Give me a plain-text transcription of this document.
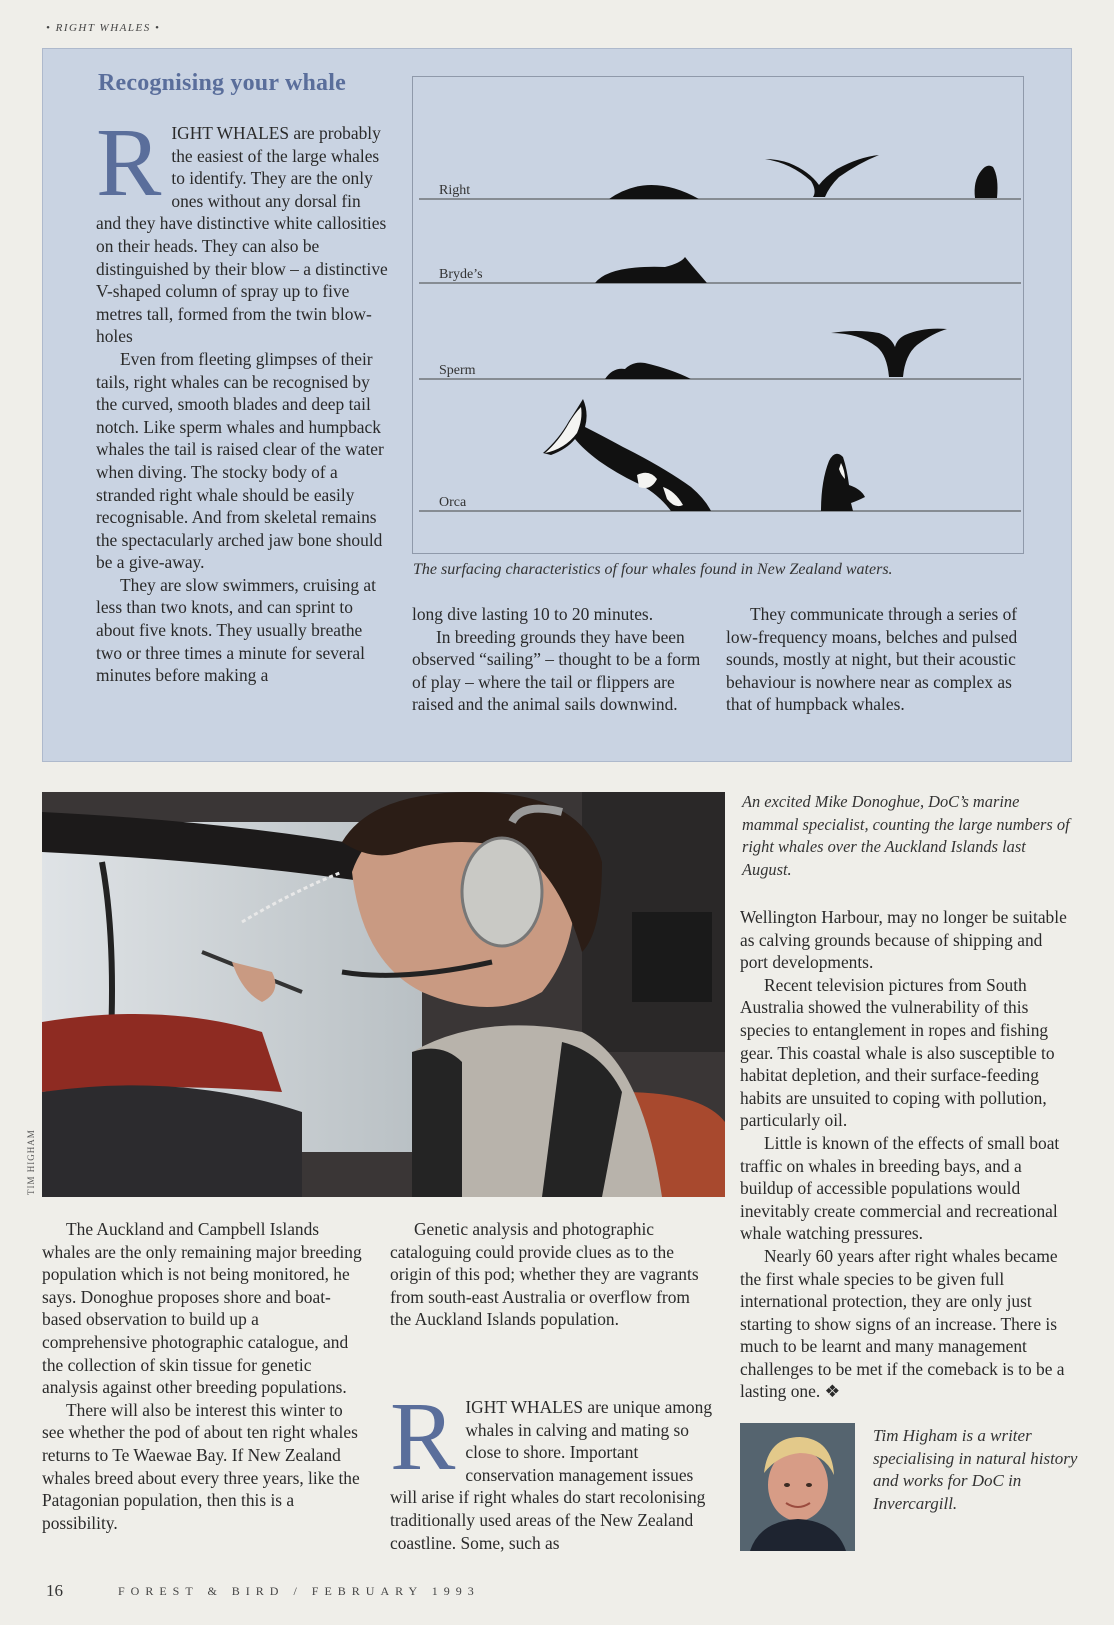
• RIGHT WHALES •
Recognising your whale

RIGHT WHALES are probably the easiest of the large whales to identify. They are the only ones without any dorsal fin and they have distinctive white callosities on their heads. They can also be distinguished by their blow – a distinctive V-shaped column of spray up to five metres tall, formed from the twin blow-holes

Even from fleeting glimpses of their tails, right whales can be recognised by the curved, smooth blades and deep tail notch. Like sperm whales and humpback whales the tail is raised clear of the water when diving. The stocky body of a stranded right whale should be easily recognisable. And from skeletal remains the spectacularly arched jaw bone should be a give-away.

They are slow swimmers, cruising at less than two knots, and can sprint to about five knots. They usually breathe two or three times a minute for several minutes before making a

long dive lasting 10 to 20 minutes.

In breeding grounds they have been observed “sailing” – thought to be a form of play – where the tail or flippers are raised and the animal sails downwind.

They communicate through a series of low-frequency moans, belches and pulsed sounds, mostly at night, but their acoustic behaviour is nowhere near as complex as that of humpback whales.

Right
Bryde’s
Sperm
Orca
The surfacing characteristics of four whales found in New Zealand waters.
TIM HIGHAM
An excited Mike Donoghue, DoC’s marine mammal specialist, counting the large numbers of right whales over the Auckland Islands last August.

The Auckland and Campbell Islands whales are the only remaining major breeding population which is not being monitored, he says. Donoghue proposes shore and boat-based observation to build up a comprehensive photographic catalogue, and the collection of skin tissue for genetic analysis against other breeding populations.

There will also be interest this winter to see whether the pod of about ten right whales returns to Te Waewae Bay. If New Zealand whales breed about every three years, like the Patagonian population, then this is a possibility.

Genetic analysis and photographic cataloguing could provide clues as to the origin of this pod; whether they are vagrants from south-east Australia or overflow from the Auckland Islands population.

RIGHT WHALES are unique among whales in calving and mating so close to shore. Important conservation management issues will arise if right whales do start recolonising traditionally used areas of the New Zealand coastline. Some, such as

Wellington Harbour, may no longer be suitable as calving grounds because of shipping and port developments.

Recent television pictures from South Australia showed the vulnerability of this species to entanglement in ropes and fishing gear. This coastal whale is also susceptible to habitat depletion, and their surface-feeding habits are unsuited to coping with pollution, particularly oil.

Little is known of the effects of small boat traffic on whales in breeding bays, and a buildup of accessible populations would inevitably create commercial and recreational whale watching pressures.

Nearly 60 years after right whales became the first whale species to be given full international protection, they are only just starting to show signs of an increase. There is much to be learnt and many management challenges to be met if the comeback is to be a lasting one. ❖

Tim Higham is a writer specialising in natural history and works for DoC in Invercargill.
16	FOREST & BIRD / FEBRUARY 1993
